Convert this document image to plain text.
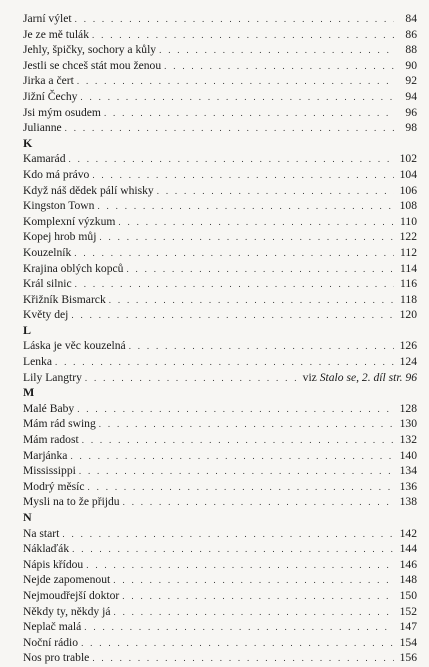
Jarní výlet . . .	84
Je ze mě tulák . . .	86
Jehly, špičky, sochory a kůly . . .	88
Jestli se chceš stát mou ženou . . .	90
Jirka a čert . . .	92
Jižní Čechy . . .	94
Jsi mým osudem . . .	96
Julianne . . .	98
K
Kamarád . . .	102
Kdo má právo . . .	104
Když náš dědek pálí whisky . . .	106
Kingston Town . . .	108
Komplexní výzkum . . .	110
Kopej hrob můj . . .	122
Kouzelník . . .	112
Krajina oblých kopců . . .	114
Král silnic . . .	116
Křižník Bismarck . . .	118
Květy dej . . .	120
L
Láska je věc kouzelná . . .	126
Lenka . . .	124
Lily Langtry . . .	viz Stalo se, 2. díl str. 96
M
Malé Baby . . .	128
Mám rád swing . . .	130
Mám radost . . .	132
Marjánka . . .	140
Mississippi . . .	134
Modrý měsíc . . .	136
Mysli na to že přijdu . . .	138
N
Na start . . .	142
Náklaďák . . .	144
Nápis křídou . . .	146
Nejde zapomenout . . .	148
Nejmoudřejší doktor . . .	150
Někdy ty, někdy já . . .	152
Neplač malá . . .	147
Noční rádio . . .	154
Nos pro trable . . .	156
